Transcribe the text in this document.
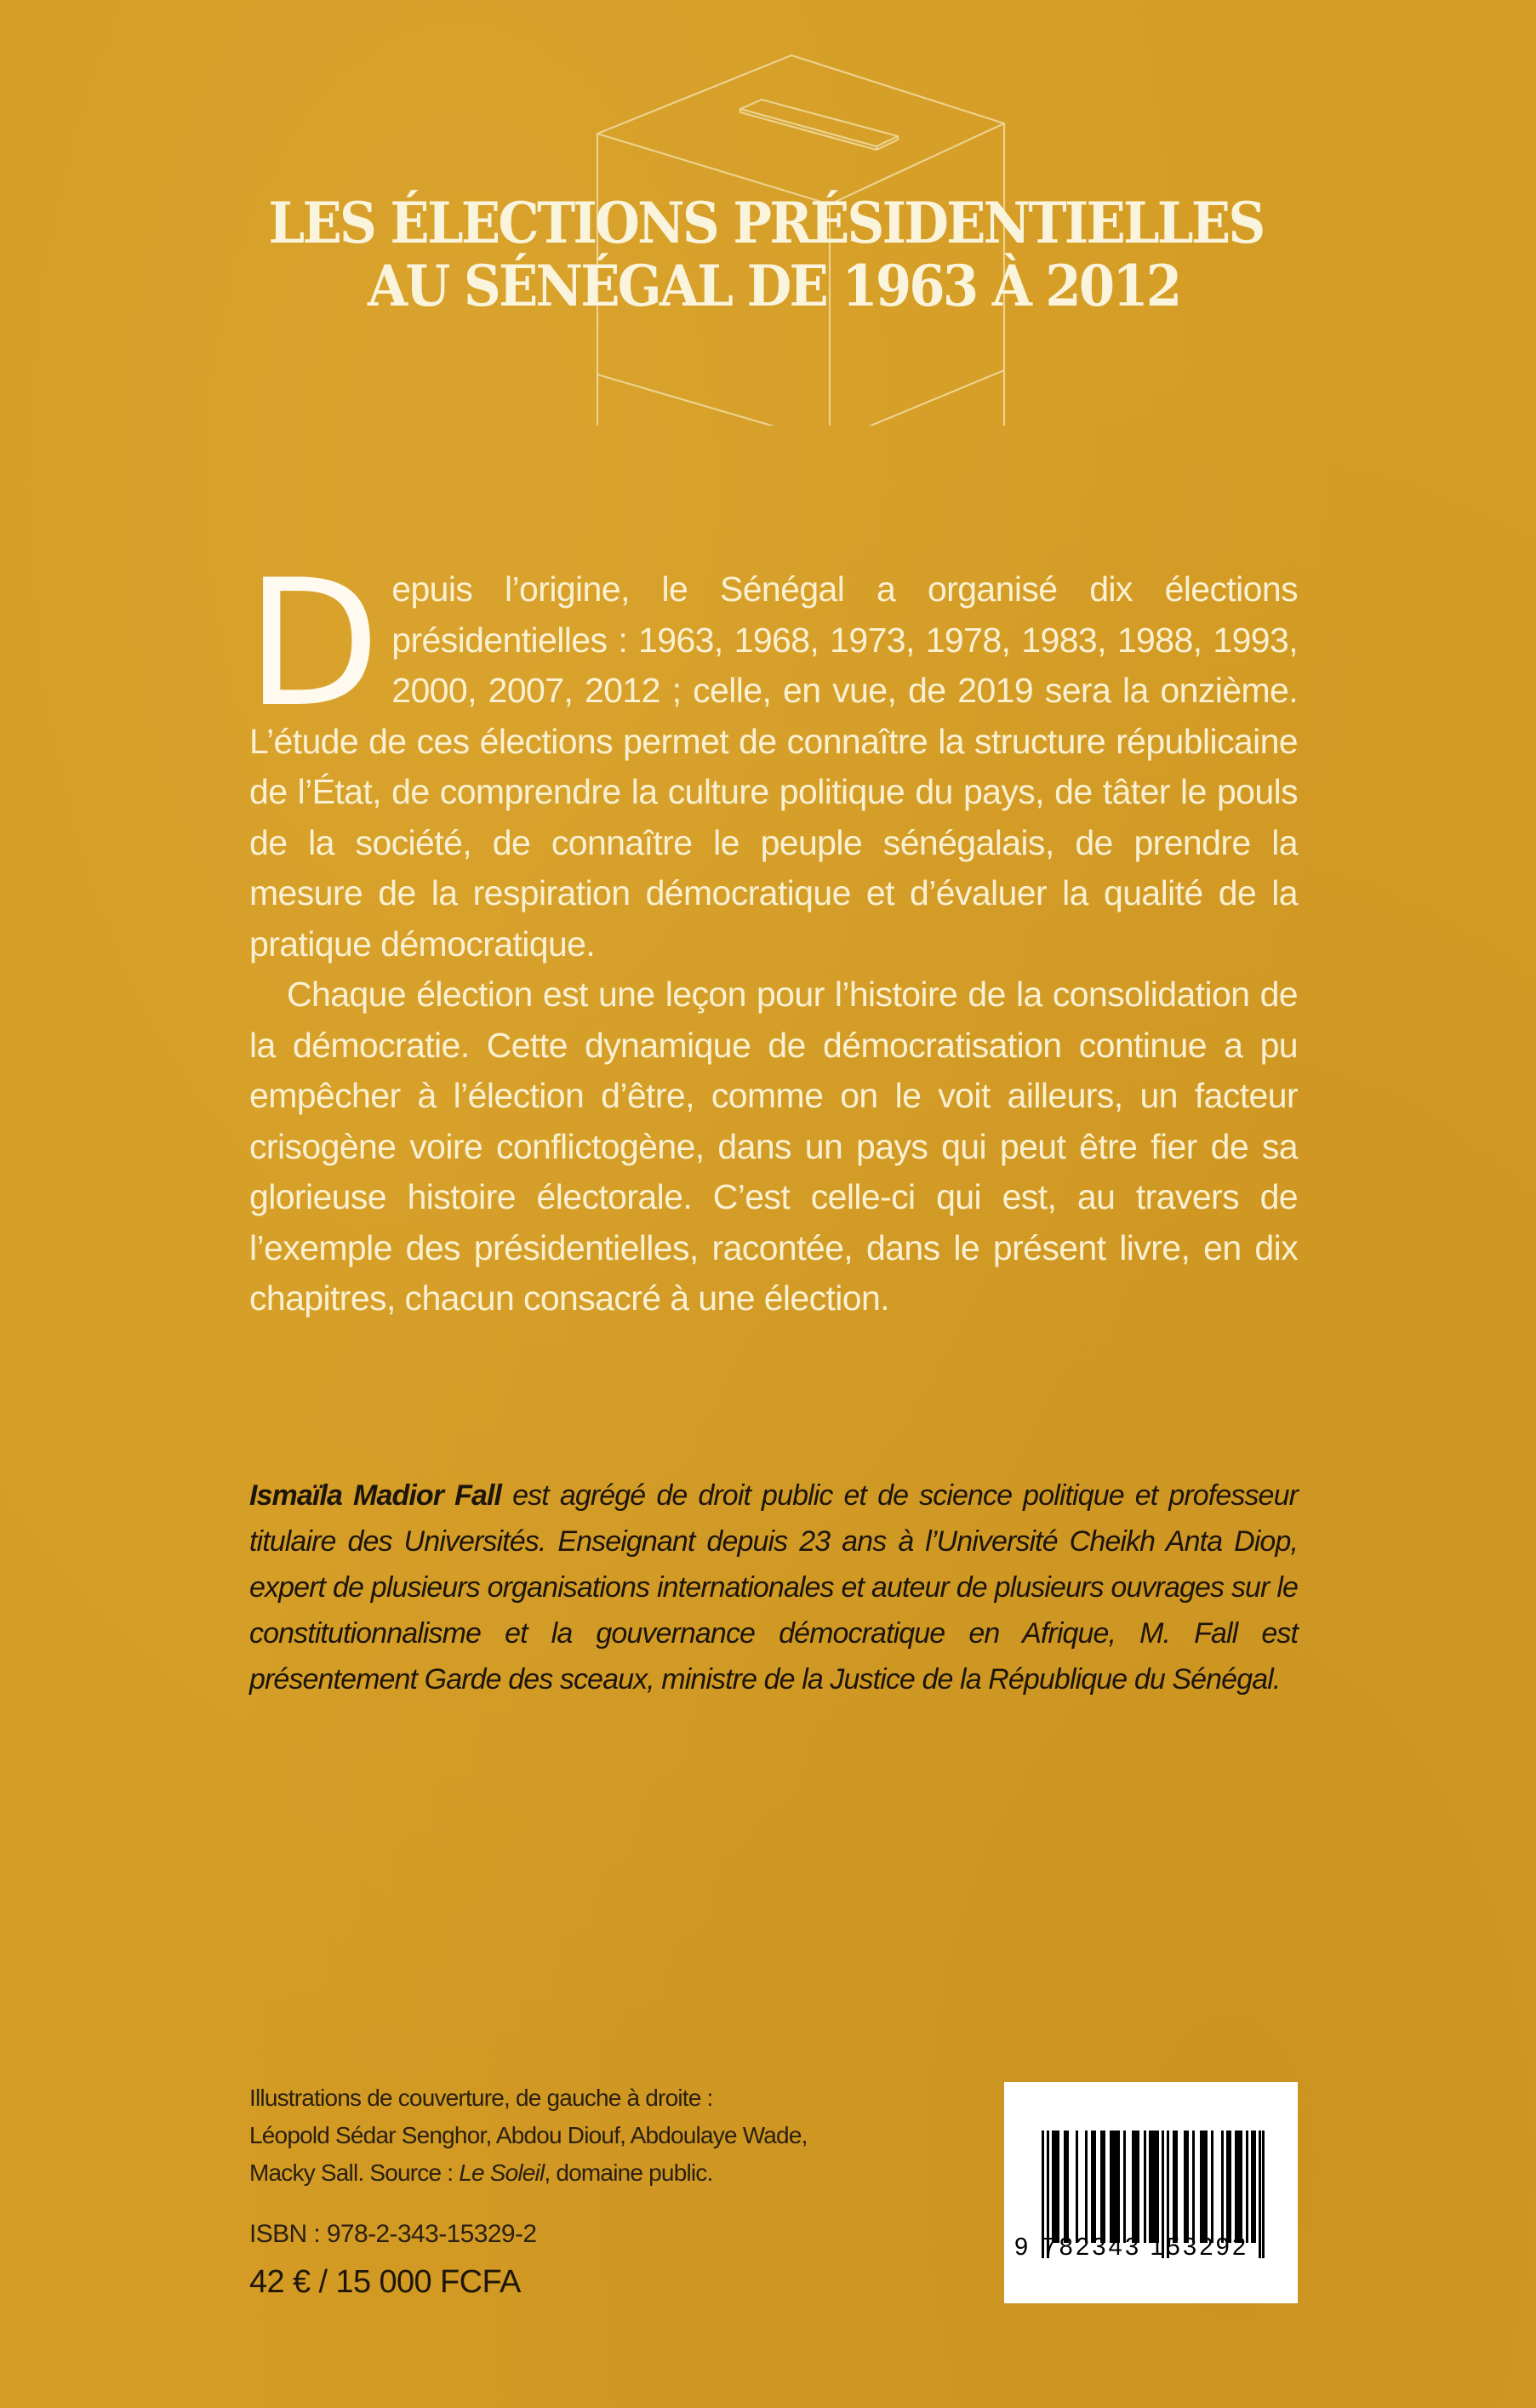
LES ÉLECTIONS PRÉSIDENTIELLES
AU SÉNÉGAL DE 1963 À 2012

Depuis l’origine, le Sénégal a organisé dix élections présidentielles : 1963, 1968, 1973, 1978, 1983, 1988, 1993, 2000, 2007, 2012 ; celle, en vue, de 2019 sera la onzième. L’étude de ces élections permet de connaître la structure républicaine de l’État, de comprendre la culture politique du pays, de tâter le pouls de la société, de connaître le peuple sénégalais, de prendre la mesure de la respiration démocratique et d’évaluer la qualité de la pratique démocratique.

Chaque élection est une leçon pour l’histoire de la consolidation de la démocratie. Cette dynamique de démocratisation continue a pu empêcher à l’élection d’être, comme on le voit ailleurs, un facteur crisogène voire conflictogène, dans un pays qui peut être fier de sa glorieuse histoire électorale. C’est celle-ci qui est, au travers de l’exemple des présidentielles, racontée, dans le présent livre, en dix chapitres, chacun consacré à une élection.

Ismaïla Madior Fall est agrégé de droit public et de science politique et professeur titulaire des Universités. Enseignant depuis 23 ans à l’Université Cheikh Anta Diop, expert de plusieurs organisations internationales et auteur de plusieurs ouvrages sur le constitutionnalisme et la gouvernance démocratique en Afrique, M. Fall est présentement Garde des sceaux, ministre de la Justice de la République du Sénégal.
Illustrations de couverture, de gauche à droite :
Léopold Sédar Senghor, Abdou Diouf, Abdoulaye Wade,
Macky Sall. Source : Le Soleil, domaine public.
ISBN : 978-2-343-15329-2
42 € / 15 000 FCFA
9 782343 153292
